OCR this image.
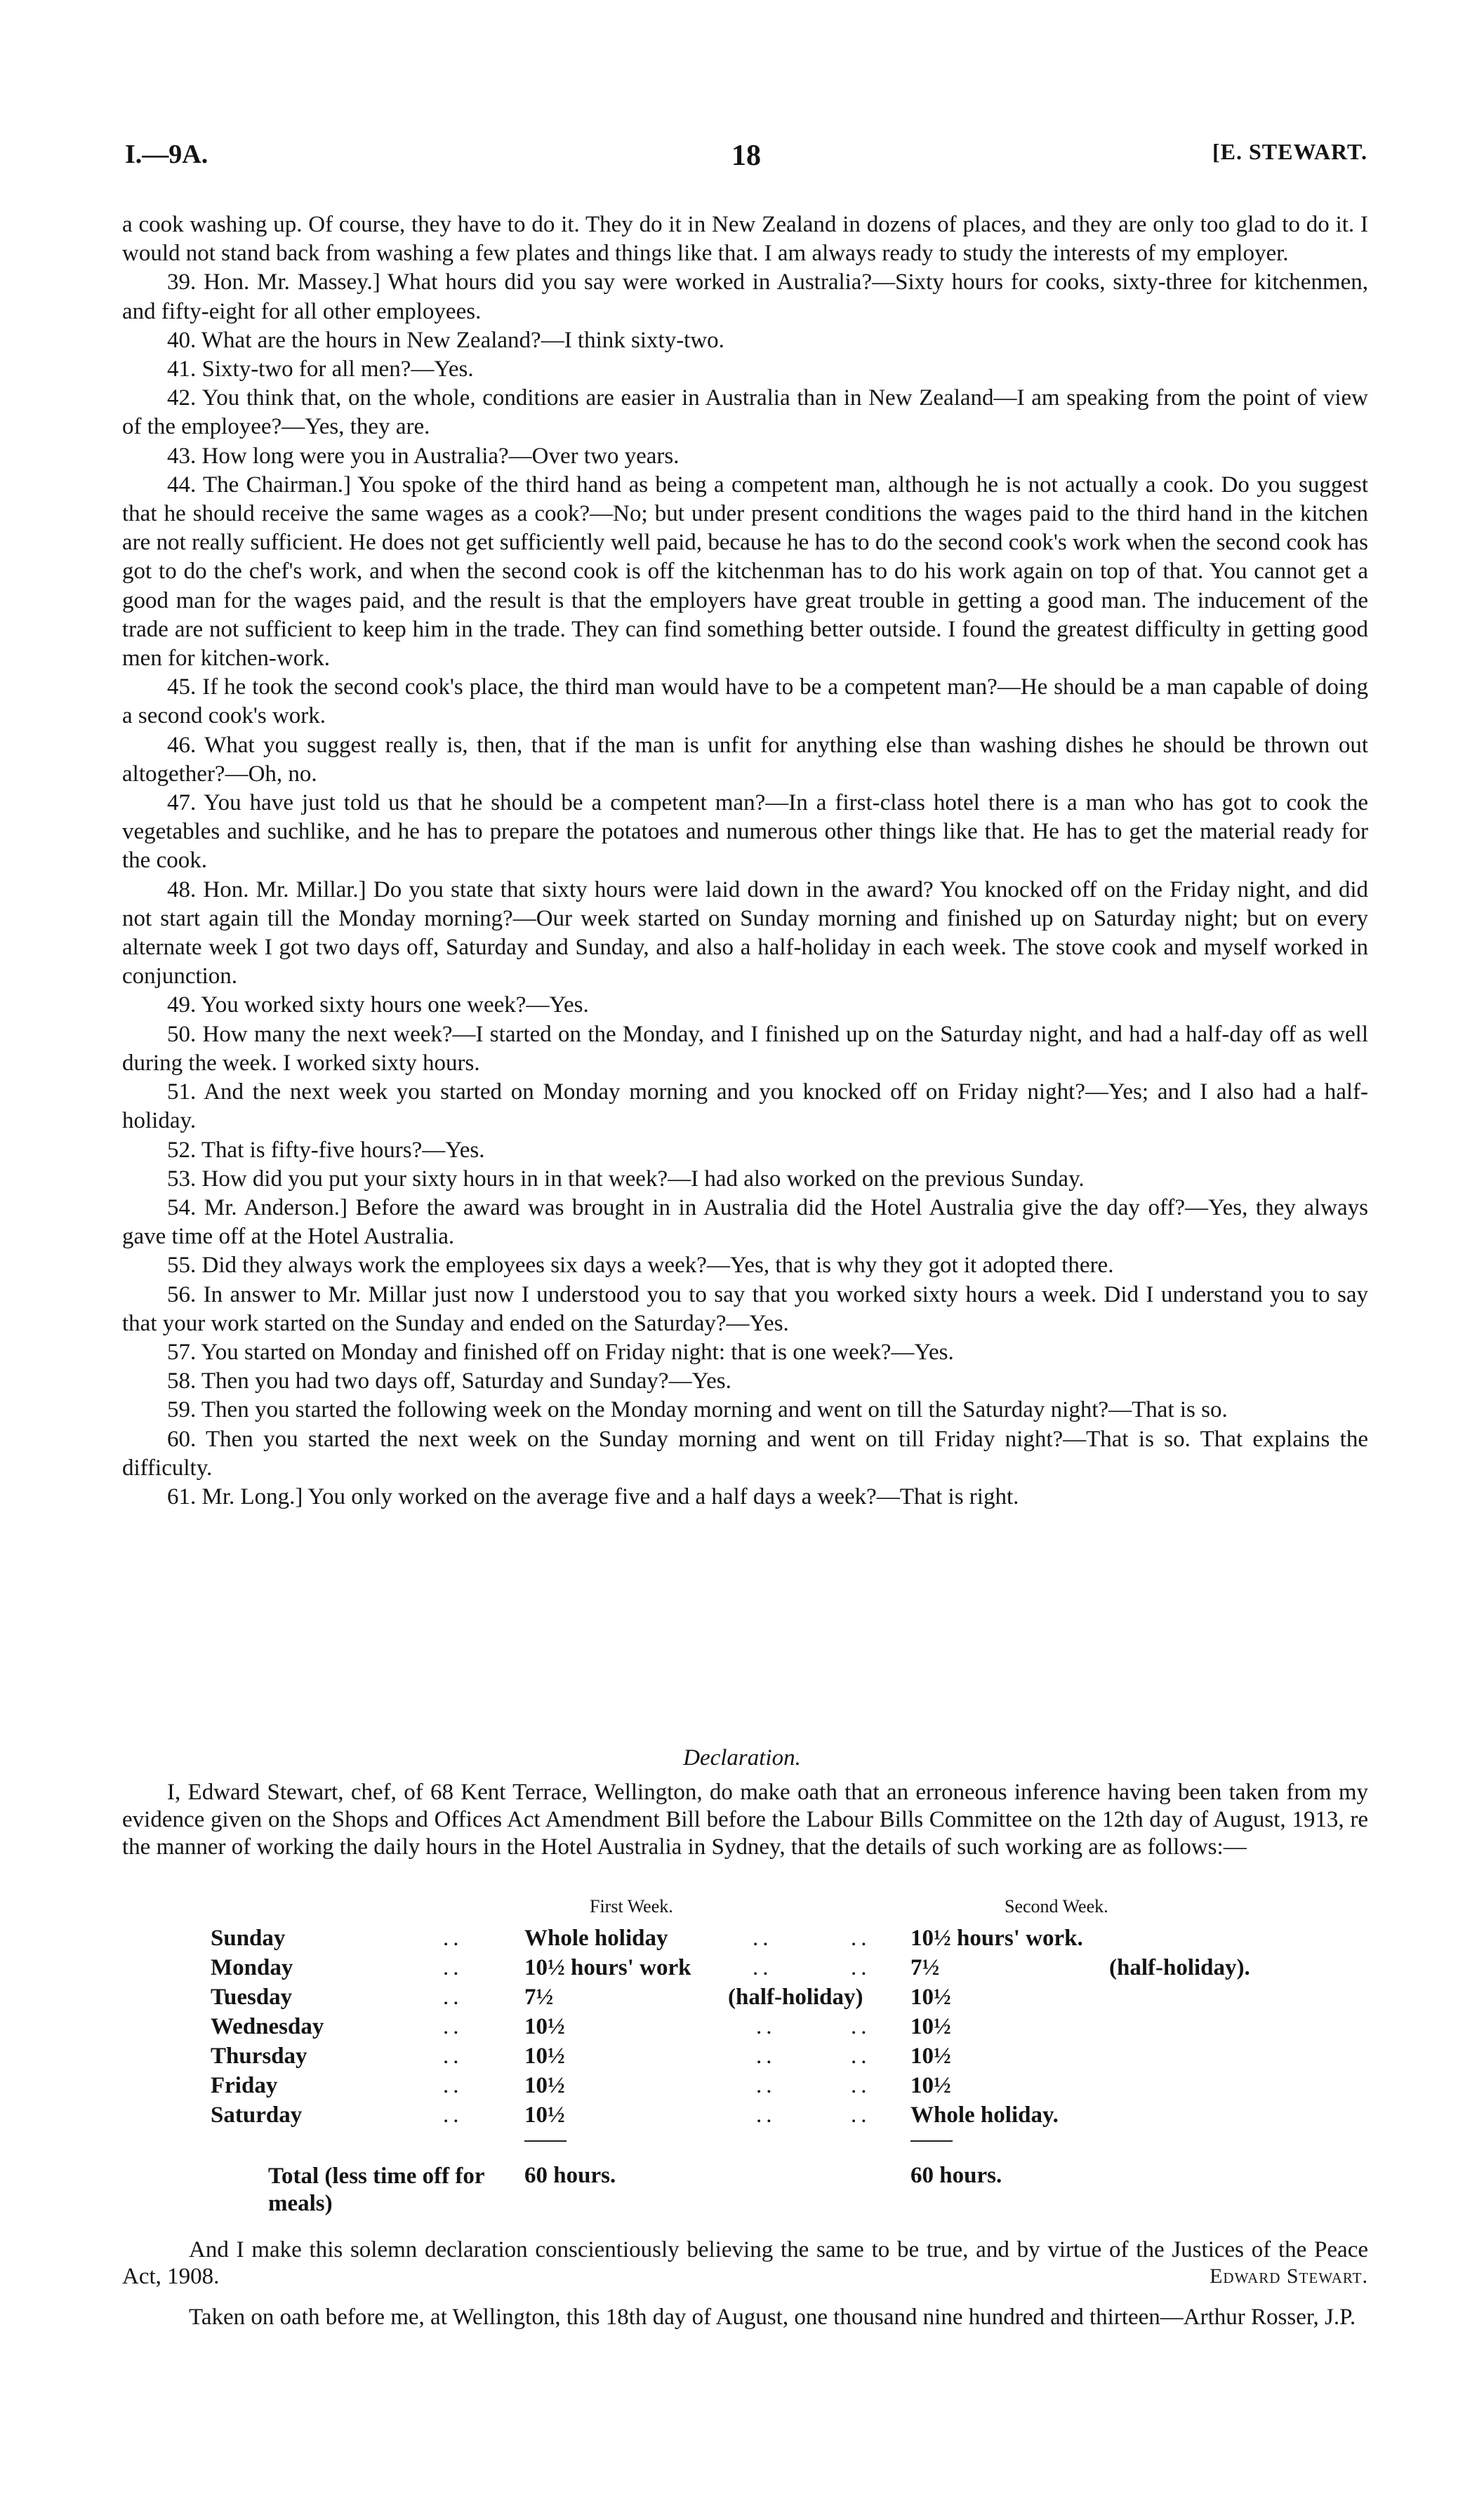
I.—9A.	18	[E. STEWART.

a cook washing up. Of course, they have to do it. They do it in New Zealand in dozens of places, and they are only too glad to do it. I would not stand back from washing a few plates and things like that. I am always ready to study the interests of my employer.

39. Hon. Mr. Massey.] What hours did you say were worked in Australia?—Sixty hours for cooks, sixty-three for kitchenmen, and fifty-eight for all other employees.

40. What are the hours in New Zealand?—I think sixty-two.

41. Sixty-two for all men?—Yes.

42. You think that, on the whole, conditions are easier in Australia than in New Zealand—I am speaking from the point of view of the employee?—Yes, they are.

43. How long were you in Australia?—Over two years.

44. The Chairman.] You spoke of the third hand as being a competent man, although he is not actually a cook. Do you suggest that he should receive the same wages as a cook?—No; but under present conditions the wages paid to the third hand in the kitchen are not really sufficient. He does not get sufficiently well paid, because he has to do the second cook's work when the second cook has got to do the chef's work, and when the second cook is off the kitchenman has to do his work again on top of that. You cannot get a good man for the wages paid, and the result is that the employers have great trouble in getting a good man. The inducement of the trade are not sufficient to keep him in the trade. They can find something better outside. I found the greatest difficulty in getting good men for kitchen-work.

45. If he took the second cook's place, the third man would have to be a competent man?—He should be a man capable of doing a second cook's work.

46. What you suggest really is, then, that if the man is unfit for anything else than washing dishes he should be thrown out altogether?—Oh, no.

47. You have just told us that he should be a competent man?—In a first-class hotel there is a man who has got to cook the vegetables and suchlike, and he has to prepare the potatoes and numerous other things like that. He has to get the material ready for the cook.

48. Hon. Mr. Millar.] Do you state that sixty hours were laid down in the award? You knocked off on the Friday night, and did not start again till the Monday morning?—Our week started on Sunday morning and finished up on Saturday night; but on every alternate week I got two days off, Saturday and Sunday, and also a half-holiday in each week. The stove cook and myself worked in conjunction.

49. You worked sixty hours one week?—Yes.

50. How many the next week?—I started on the Monday, and I finished up on the Saturday night, and had a half-day off as well during the week. I worked sixty hours.

51. And the next week you started on Monday morning and you knocked off on Friday night?—Yes; and I also had a half-holiday.

52. That is fifty-five hours?—Yes.

53. How did you put your sixty hours in in that week?—I had also worked on the previous Sunday.

54. Mr. Anderson.] Before the award was brought in in Australia did the Hotel Australia give the day off?—Yes, they always gave time off at the Hotel Australia.

55. Did they always work the employees six days a week?—Yes, that is why they got it adopted there.

56. In answer to Mr. Millar just now I understood you to say that you worked sixty hours a week. Did I understand you to say that your work started on the Sunday and ended on the Saturday?—Yes.

57. You started on Monday and finished off on Friday night: that is one week?—Yes.

58. Then you had two days off, Saturday and Sunday?—Yes.

59. Then you started the following week on the Monday morning and went on till the Saturday night?—That is so.

60. Then you started the next week on the Sunday morning and went on till Friday night?—That is so. That explains the difficulty.

61. Mr. Long.] You only worked on the average five and a half days a week?—That is right.

Declaration.

I, Edward Stewart, chef, of 68 Kent Terrace, Wellington, do make oath that an erroneous inference having been taken from my evidence given on the Shops and Offices Act Amendment Bill before the Labour Bills Committee on the 12th day of August, 1913, re the manner of working the daily hours in the Hotel Australia in Sydney, that the details of such working are as follows:—

First Week.	Second Week.
Sunday	..	Whole holiday	..	.. 10½ hours' work.
Monday	..	10½ hours' work	..	.. 7½	(half-holiday).
Tuesday	..	7½	(half-holiday) 10½
Wednesday	..	10½	..	.. 10½
Thursday	..	10½	..	.. 10½
Friday	..	10½	..	.. 10½
Saturday	..	10½	..	.. Whole holiday.
Total (less time off for meals)
60 hours.	60 hours.

And I make this solemn declaration conscientiously believing the same to be true, and by virtue of the Justices of the Peace Act, 1908.	Edward Stewart.

Taken on oath before me, at Wellington, this 18th day of August, one thousand nine hundred and thirteen—Arthur Rosser, J.P.
